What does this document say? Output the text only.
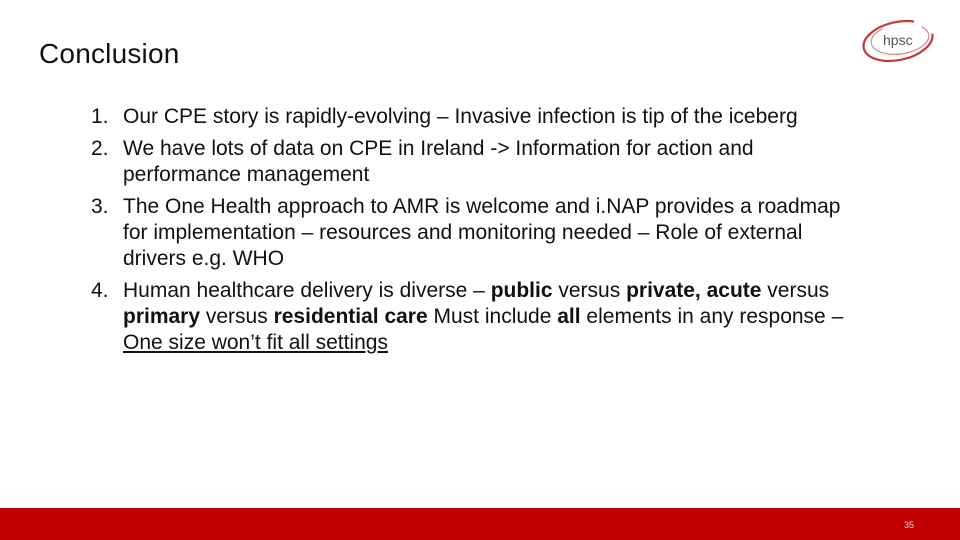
Conclusion	hpsc
1. Our CPE story is rapidly-evolving – Invasive infection is tip of the iceberg
2. We have lots of data on CPE in Ireland -> Information for action and performance management
3. The One Health approach to AMR is welcome and i.NAP provides a roadmap for implementation – resources and monitoring needed – Role of external drivers e.g. WHO
4. Human healthcare delivery is diverse – public versus private, acute versus primary versus residential care Must include all elements in any response – One size won’t fit all settings
35
